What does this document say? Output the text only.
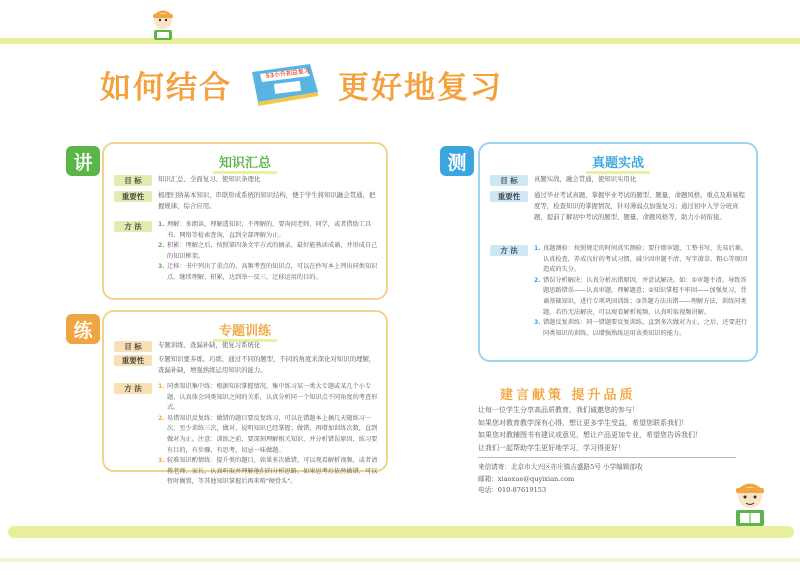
如何结合	53小升初总复习 更好地复习
讲	知识汇总
目 标	知识汇总、全面复习、使知识条理化
重要性	梳理归纳基本知识、串联形成系统的知识结构，便于学生将知识融会贯通，把握规律、综合应用。
方 法	1. 理解：多朗读，理解透知识；不理解的，要询问老师、同学，或者借助工具书、网络等检索查询，直到全部理解为止。
2. 积累：理解之后，按照第四条文字方式的摘录，最好能熟读成诵，并形成自己的知识框架。
3. 迁移：书中列出了重点的、高频考查的知识点，可以在抄写本上列出同类知识点，继续理解、积累，达到举一反三，迁移运用的目的。
练	专题训练
目 标	专题训练、查漏补缺，使复习系统化
重要性	专题知识要多练、巧练，通过不同的题型、不同的角度来深化对知识的理解，查漏补缺，增强熟练运用知识的能力。
方 法	1. 同类知识集中练：根据知识掌握情况，集中练习某一类大专题或某几个小专题，认真体会同类知识之间的关系，认真分析同一个知识点不同角度的考查形式。
2. 易错知识反复练：做错的题目要反复练习，可以在错题本上摘几天随练习一次，至少训练三次，做对、说明知识已经掌握；做错，再增加训练次数，直到做对为止。注意：训练之前，要深刻理解相关知识，并分析错误原因，练习要有目的，有步骤，有思考，切忌一味做题。
3. 较难知识酌情练：提升类的题目，如果多次做错，可以观看解析视频，或者请教老师、家长，认真听取并理解他们的分析思路。如果思考后依然做错，可以暂时搁置，等其他知识掌握后再来啃"硬骨头"。
测	真题实战
目 标	真题实战，融会贯通，使知识实用化
重要性	通过毕业考试真题，掌握毕业考试的题型、题量、命题风格、重点及难易程度等，检查知识的掌握情况，针对薄弱点加强复习；通过初中入学分班真题，提前了解初中考试的题型、题量、命题风格等，助力小初衔接。
方 法	1. 真题测验：按照规定的时间真实测验；要仔细审题，工整书写，先易后难，认真检查，养成良好的考试习惯，减少因审题不清、写字潦草、粗心等原因造成的失分。
2. 错误分析解决：认真分析出错原因，并尝试解决。如：①审题不清、导致答题思路错误——认真审题，理解题意；②知识掌握不牢固——加强复习，背诵基础知识，进行专项巩固训练；③答题方法出错——理解方法，训练同类题。若仍无法解决，可以观看解析视频，认真听取视频讲解。
3. 错题反复训练：同一错题要反复训练，直到多次做对为止，之后，还要进行同类知识的训练，以增强熟练运用该类知识的能力。
建言献策 提升品质
让每一位学生分享高品质教育，我们诚邀您的参与！
如果您对教育教学深有心得，想让更多学生受益，希望您联系我们！
如果您对教辅图书有建议或意见，想让产品更加专业，希望您告诉我们！
让我们一起帮助学生更好地学习，学习得更好！
来信请寄：北京市大兴区亦庄镇吉盛路5号 小学编辑部收
邮箱：xiaoxue@quyixian.com
电话：010-87619153
